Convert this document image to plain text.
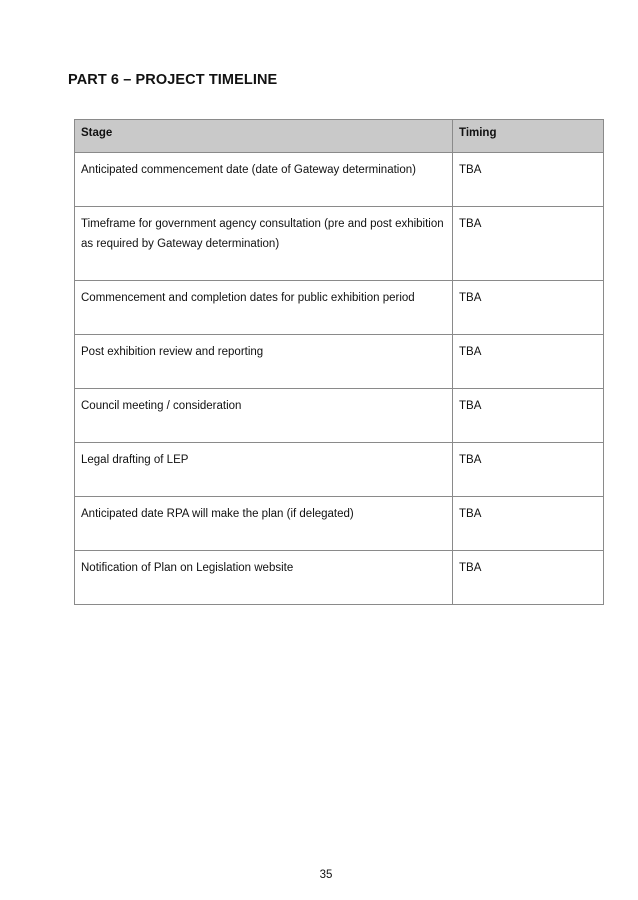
PART 6 – PROJECT TIMELINE
Stage	Timing
Anticipated commencement date (date of Gateway determination)	TBA
Timeframe for government agency consultation (pre and post exhibition as required by Gateway determination)	TBA
Commencement and completion dates for public exhibition period	TBA
Post exhibition review and reporting	TBA
Council meeting / consideration	TBA
Legal drafting of LEP	TBA
Anticipated date RPA will make the plan (if delegated)	TBA
Notification of Plan on Legislation website	TBA
35
